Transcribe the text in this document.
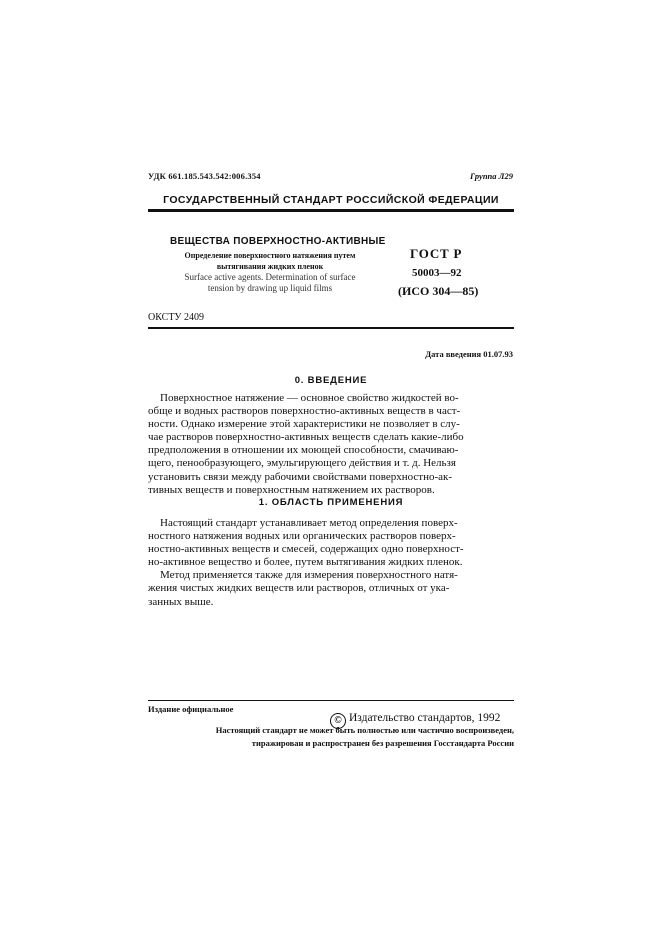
УДК 661.185.543.542:006.354	Группа Л29
ГОСУДАРСТВЕННЫЙ СТАНДАРТ РОССИЙСКОЙ ФЕДЕРАЦИИ
ВЕЩЕСТВА ПОВЕРХНОСТНО-АКТИВНЫЕ
Определение поверхностного натяжения путем
вытягивания жидких пленок
Surface active agents. Determination of surface
tension by drawing up liquid films
ГОСТ Р
50003—92
(ИСО 304—85)
ОКСТУ 2409
Дата введения 01.07.93
0. ВВЕДЕНИЕ
Поверхностное натяжение — основное свойство жидкостей во-
обще и водных растворов поверхностно-активных веществ в част-
ности. Однако измерение этой характеристики не позволяет в слу-
чае растворов поверхностно-активных веществ сделать какие-либо
предположения в отношении их моющей способности, смачиваю-
щего, пенообразующего, эмульгирующего действия и т. д. Нельзя
установить связи между рабочими свойствами поверхностно-ак-
тивных веществ и поверхностным натяжением их растворов.
1. ОБЛАСТЬ ПРИМЕНЕНИЯ
Настоящий стандарт устанавливает метод определения поверх-
ностного натяжения водных или органических растворов поверх-
ностно-активных веществ и смесей, содержащих одно поверхност-
но-активное вещество и более, путем вытягивания жидких пленок.
Метод применяется также для измерения поверхностного натя-
жения чистых жидких веществ или растворов, отличных от ука-
занных выше.
Издание официальное
© Издательство стандартов, 1992
Настоящий стандарт не может быть полностью или частично воспроизведен,
тиражирован и распространен без разрешения Госстандарта России
